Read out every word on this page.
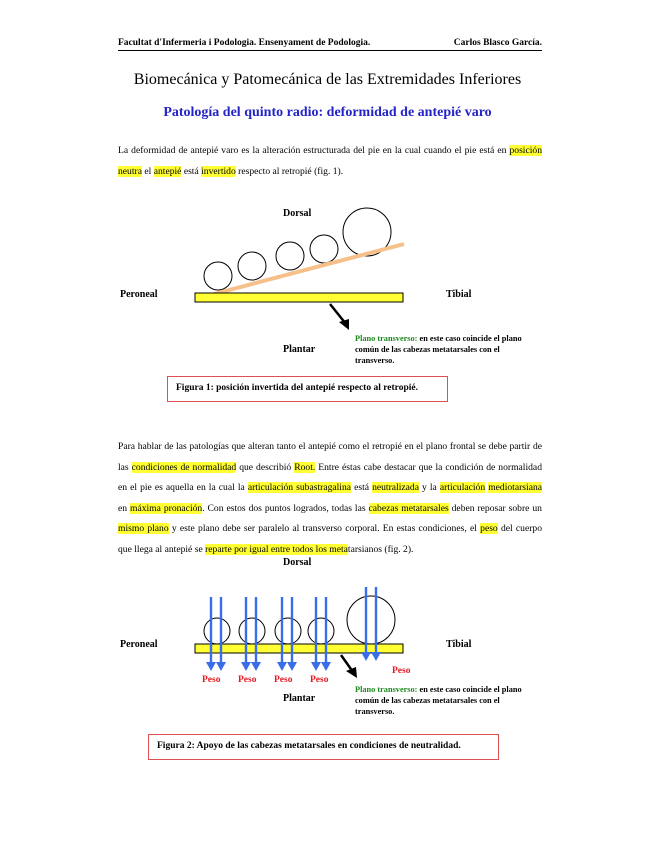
Facultat d'Infermeria i Podologia. Ensenyament de Podologia.	Carlos Blasco García.
Biomecánica y Patomecánica de las Extremidades Inferiores
Patología del quinto radio: deformidad de antepié varo
La deformidad de antepié varo es la alteración estructurada del pie en la cual cuando el pie está en posición neutra el antepié está invertido respecto al retropié (fig. 1).
Dorsal
Peroneal	Tibial
Plantar
Plano transverso: en este caso coincide el plano común de las cabezas metatarsales con el transverso.
Figura 1: posición invertida del antepié respecto al retropié.
Para hablar de las patologías que alteran tanto el antepié como el retropié en el plano frontal se debe partir de las condiciones de normalidad que describió Root. Entre éstas cabe destacar que la condición de normalidad en el pie es aquella en la cual la articulación subastragalina está neutralizada y la articulación mediotarsiana en máxima pronación. Con estos dos puntos logrados, todas las cabezas metatarsales deben reposar sobre un mismo plano y este plano debe ser paralelo al transverso corporal. En estas condiciones, el peso del cuerpo que llega al antepié se reparte por igual entre todos los metatarsianos (fig. 2).
Dorsal
Peroneal	Tibial
Peso Peso Peso Peso
Peso
Plantar
Plano transverso: en este caso coincide el plano común de las cabezas metatarsales con el transverso.
Figura 2: Apoyo de las cabezas metatarsales en condiciones de neutralidad.
